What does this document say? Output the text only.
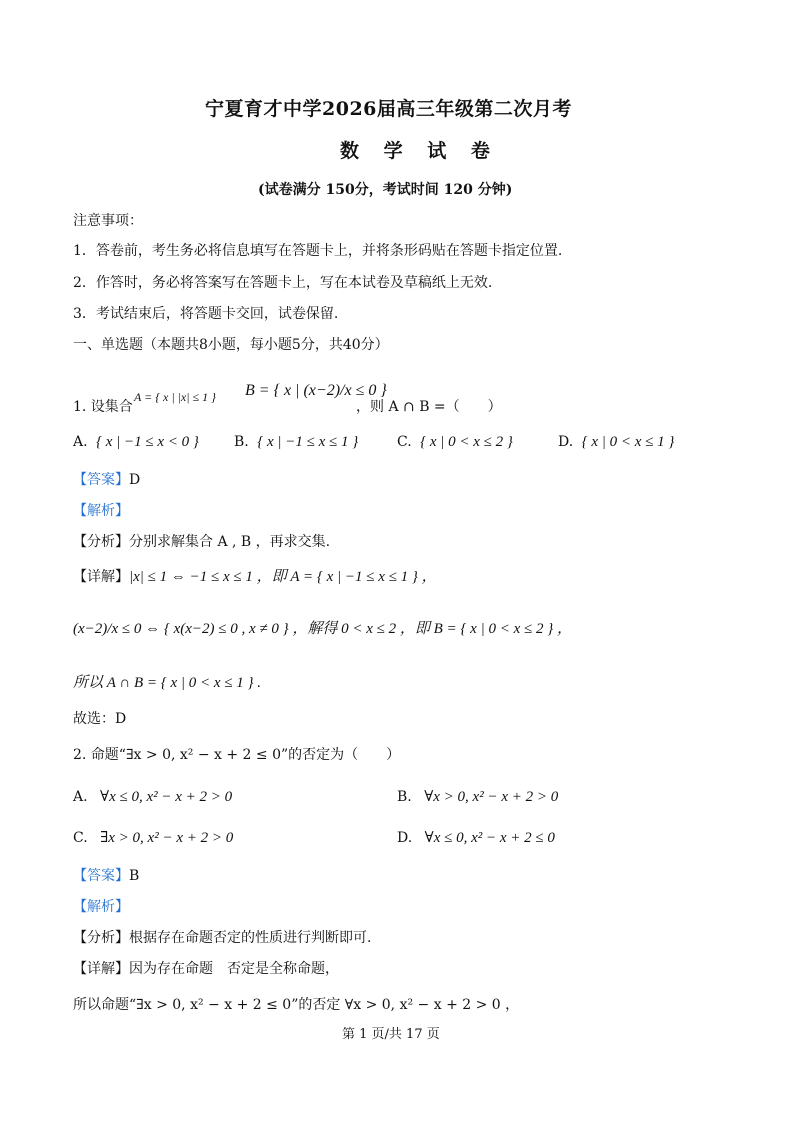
宁夏育才中学2026届高三年级第二次月考
数 学 试 卷
(试卷满分 150分，考试时间 120 分钟)
注意事项：
1．答卷前，考生务必将信息填写在答题卡上，并将条形码贴在答题卡指定位置.
2．作答时，务必将答案写在答题卡上，写在本试卷及草稿纸上无效.
3．考试结束后，将答题卡交回，试卷保留.
一、单选题（本题共8小题，每小题5分，共40分）
1. 设集合
A = { x | |x| ≤ 1 } B = { x | (x−2)/x ≤ 0 }
，则 A ∩ B =（　　）
A. { x | −1 ≤ x < 0 }	B. { x | −1 ≤ x ≤ 1 }	C. { x | 0 < x ≤ 2 }	D. { x | 0 < x ≤ 1 }
【答案】D
【解析】
【分析】分别求解集合 A , B ，再求交集.
【详解】|x| ≤ 1 ⇔ −1 ≤ x ≤ 1 ，即 A = { x | −1 ≤ x ≤ 1 } ，
(x−2)/x ≤ 0 ⇔ { x(x−2) ≤ 0 , x ≠ 0 } ，解得 0 < x ≤ 2 ，即 B = { x | 0 < x ≤ 2 } ，
所以 A ∩ B = { x | 0 < x ≤ 1 } .
故选：D
2. 命题“∃x > 0, x² − x + 2 ≤ 0”的否定为（　　）
A. ∀x ≤ 0, x² − x + 2 > 0	B. ∀x > 0, x² − x + 2 > 0
C. ∃x > 0, x² − x + 2 > 0	D. ∀x ≤ 0, x² − x + 2 ≤ 0
【答案】B
【解析】
【分析】根据存在命题否定的性质进行判断即可.
【详解】因为存在命题　否定是全称命题，
所以命题“∃x > 0, x² − x + 2 ≤ 0”的否定 ∀x > 0, x² − x + 2 > 0 ，
第 1 页/共 17 页
